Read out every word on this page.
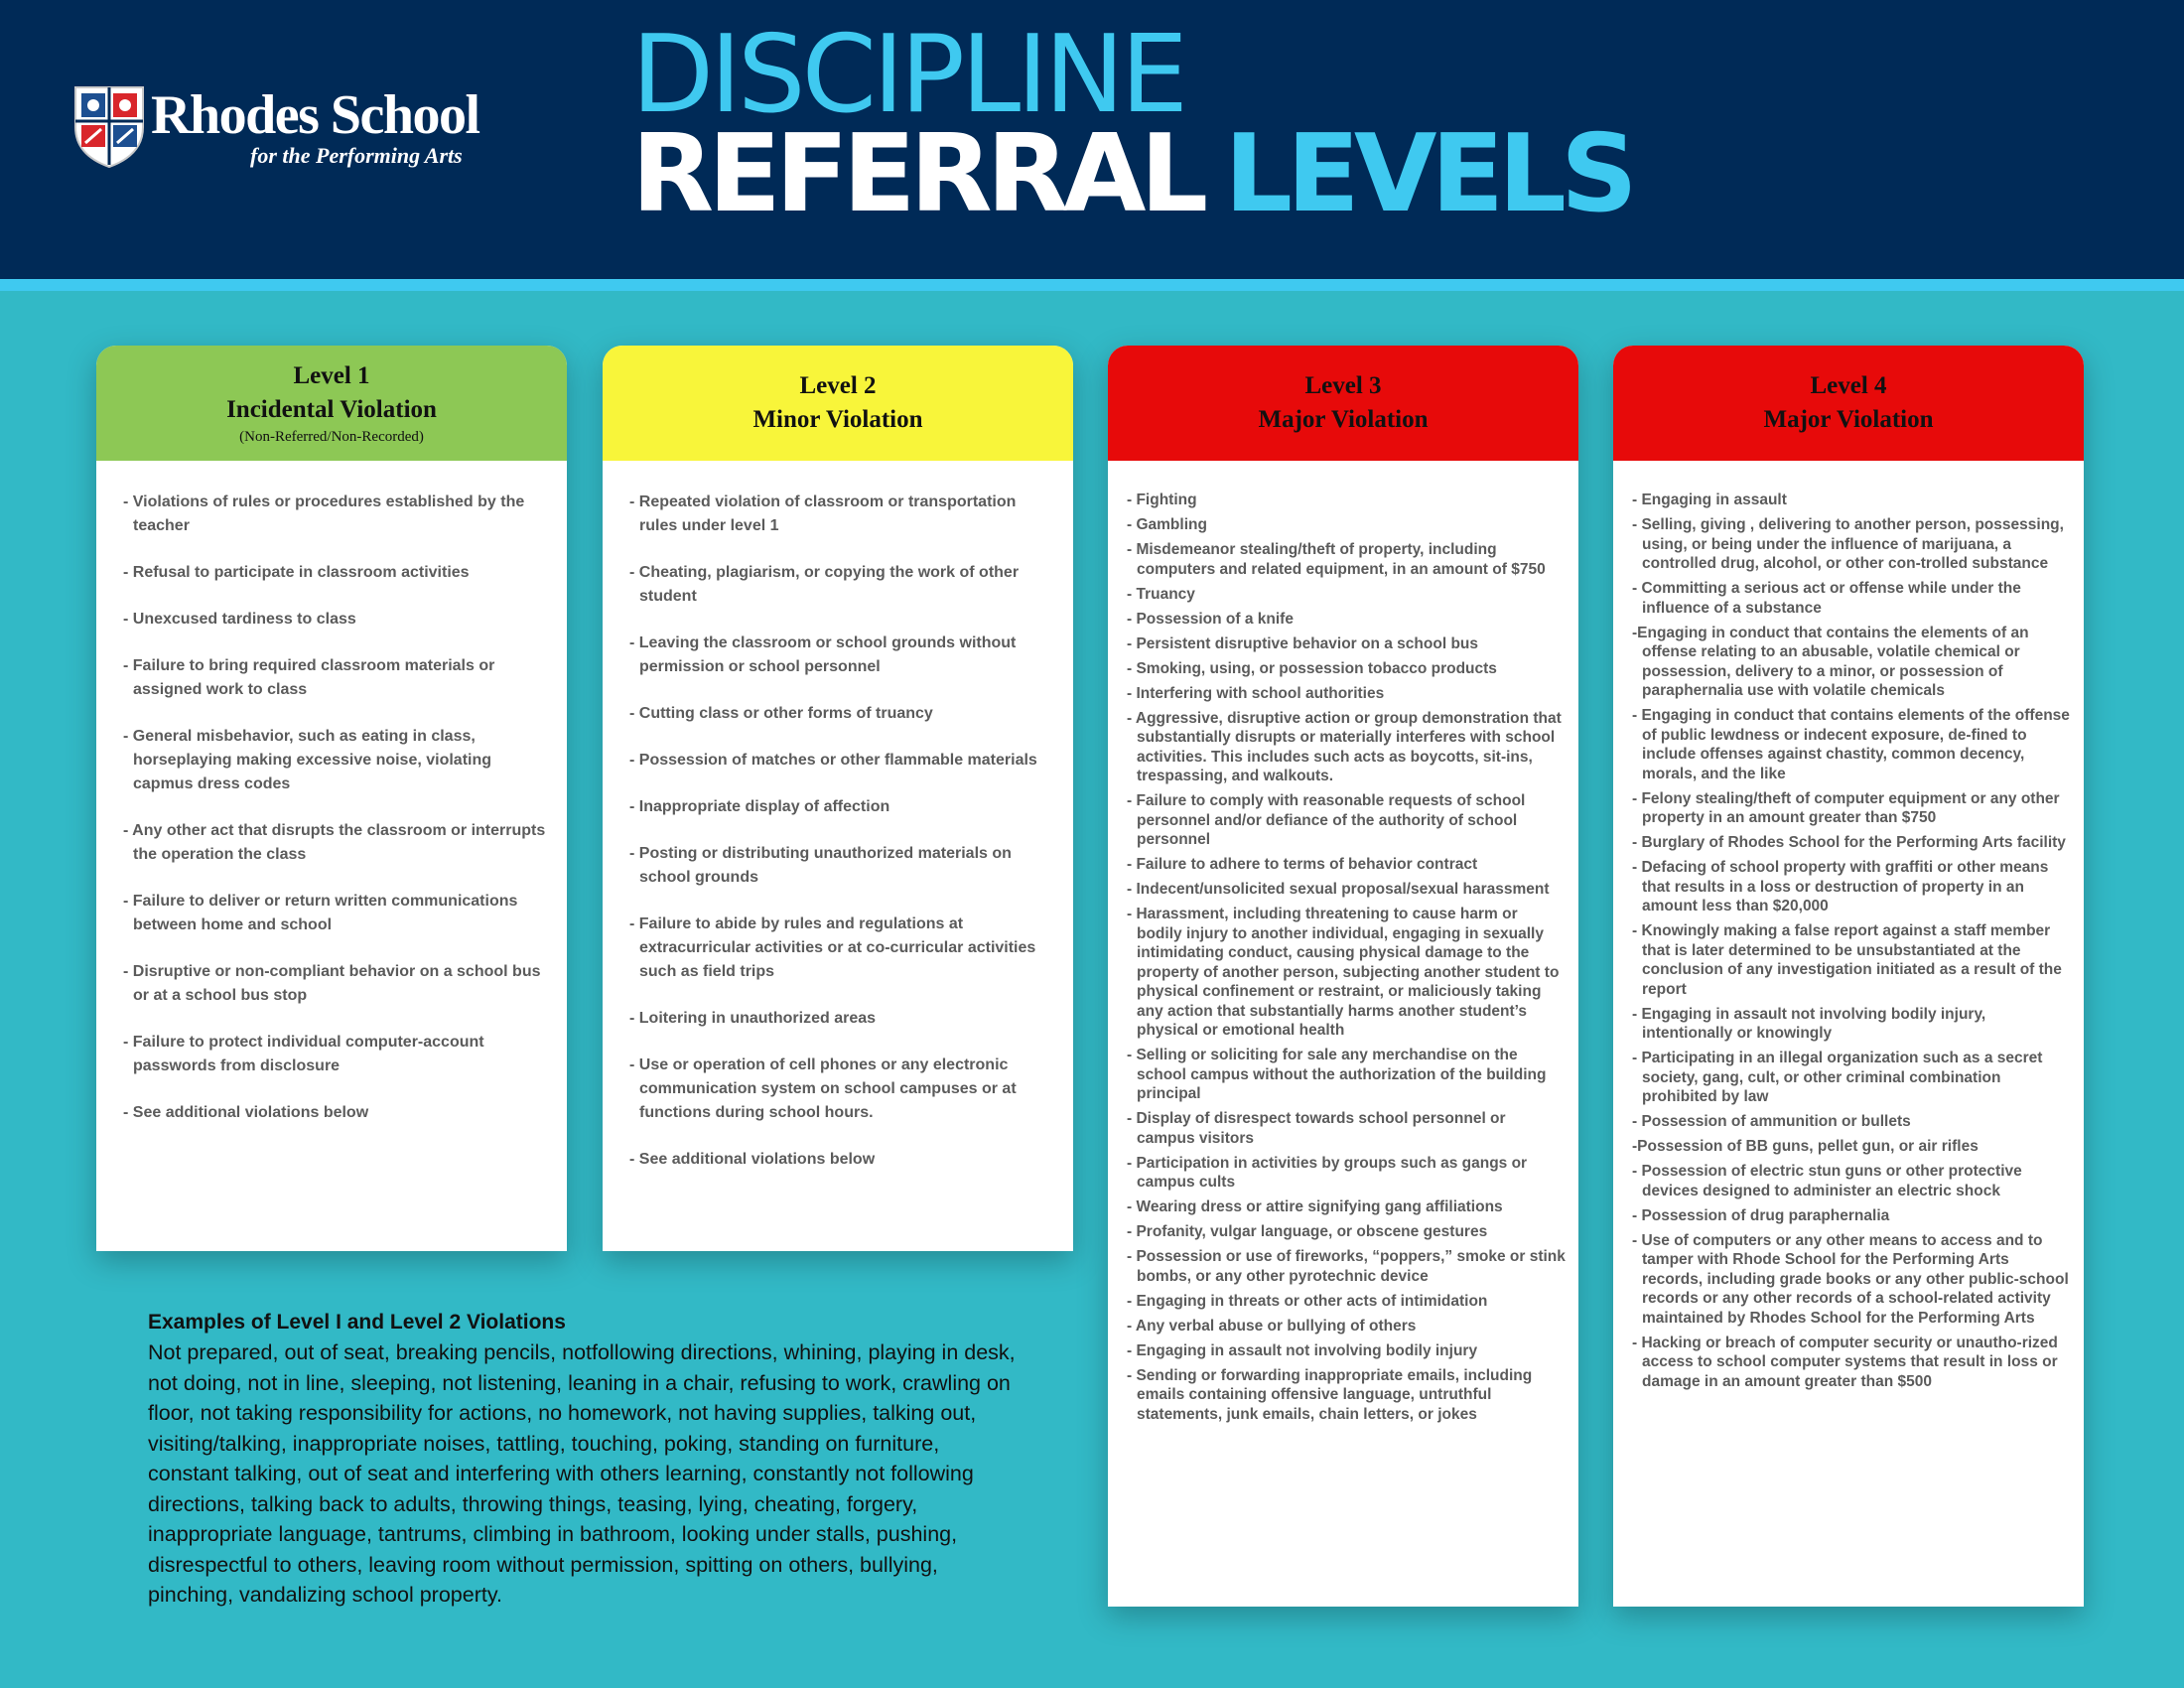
Rhodes School
for the Performing Arts
DISCIPLINE
REFERRAL LEVELS
Level 1
Incidental Violation
(Non-Referred/Non-Recorded)
- Violations of rules or procedures established by the teacher
- Refusal to participate in classroom activities
- Unexcused tardiness to class
- Failure to bring required classroom materials or assigned work to class
- General misbehavior, such as eating in class, horseplaying making excessive noise, violating capmus dress codes
- Any other act that disrupts the classroom or interrupts the operation the class
- Failure to deliver or return written communications between home and school
- Disruptive or non-compliant behavior on a school bus or at a school bus stop
- Failure to protect individual computer-account passwords from disclosure
- See additional violations below
Level 2
Minor Violation
- Repeated violation of classroom or transportation rules under level 1
- Cheating, plagiarism, or copying the work of other student
- Leaving the classroom or school grounds without permission or school personnel
- Cutting class or other forms of truancy
- Possession of matches or other flammable materials
- Inappropriate display of affection
- Posting or distributing unauthorized materials on school grounds
- Failure to abide by rules and regulations at extracurricular activities or at co-curricular activities such as field trips
- Loitering in unauthorized areas
- Use or operation of cell phones or any electronic communication system on school campuses or at functions during school hours.
- See additional violations below
Level 3
Major Violation
- Fighting
- Gambling
- Misdemeanor stealing/theft of property, including computers and related equipment, in an amount of $750
- Truancy
- Possession of a knife
- Persistent disruptive behavior on a school bus
- Smoking, using, or possession tobacco products
- Interfering with school authorities
- Aggressive, disruptive action or group demonstration that substantially disrupts or materially interferes with school activities. This includes such acts as boycotts, sit-ins, trespassing, and walkouts.
- Failure to comply with reasonable requests of school personnel and/or defiance of the authority of school personnel
- Failure to adhere to terms of behavior contract
- Indecent/unsolicited sexual proposal/sexual harassment
- Harassment, including threatening to cause harm or bodily injury to another individual, engaging in sexually intimidating conduct, causing physical damage to the property of another person, subjecting another student to physical confinement or restraint, or maliciously taking any action that substantially harms another student’s physical or emotional health
- Selling or soliciting for sale any merchandise on the school campus without the authorization of the building principal
- Display of disrespect towards school personnel or campus visitors
- Participation in activities by groups such as gangs or campus cults
- Wearing dress or attire signifying gang affiliations
- Profanity, vulgar language, or obscene gestures
- Possession or use of fireworks, “poppers,” smoke or stink bombs, or any other pyrotechnic device
- Engaging in threats or other acts of intimidation
- Any verbal abuse or bullying of others
- Engaging in assault not involving bodily injury
- Sending or forwarding inappropriate emails, including emails containing offensive language, untruthful statements, junk emails, chain letters, or jokes
Level 4
Major Violation
- Engaging in assault
- Selling, giving , delivering to another person, possessing, using, or being under the influence of marijuana, a controlled drug, alcohol, or other con-trolled substance
- Committing a serious act or offense while under the influence of a substance
-Engaging in conduct that contains the elements of an offense relating to an abusable, volatile chemical or possession, delivery to a minor, or possession of paraphernalia use with volatile chemicals
- Engaging in conduct that contains elements of the offense of public lewdness or indecent exposure, de-fined to include offenses against chastity, common decency, morals, and the like
- Felony stealing/theft of computer equipment or any other property in an amount greater than $750
- Burglary of Rhodes School for the Performing Arts facility
- Defacing of school property with graffiti or other means that results in a loss or destruction of property in an amount less than $20,000
- Knowingly making a false report against a staff member that is later determined to be unsubstantiated at the conclusion of any investigation initiated as a result of the report
- Engaging in assault not involving bodily injury, intentionally or knowingly
- Participating in an illegal organization such as a secret society, gang, cult, or other criminal combination prohibited by law
- Possession of ammunition or bullets
-Possession of BB guns, pellet gun, or air rifles
- Possession of electric stun guns or other protective devices designed to administer an electric shock
- Possession of drug paraphernalia
- Use of computers or any other means to access and to tamper with Rhode School for the Performing Arts records, including grade books or any other public-school records or any other records of a school-related activity maintained by Rhodes School for the Performing Arts
- Hacking or breach of computer security or unautho-rized access to school computer systems that result in loss or damage in an amount greater than $500
Examples of Level I and Level 2 Violations

Not prepared, out of seat, breaking pencils, notfollowing directions, whining, playing in desk, not doing, not in line, sleeping, not listening, leaning in a chair, refusing to work, crawling on floor, not taking responsibility for actions, no homework, not having supplies, talking out, visiting/talking, inappropriate noises, tattling, touching, poking, standing on furniture, constant talking, out of seat and interfering with others learning, constantly not following directions, talking back to adults, throwing things, teasing, lying, cheating, forgery, inappropriate language, tantrums, climbing in bathroom, looking under stalls, pushing, disrespectful to others, leaving room without permission, spitting on others, bullying, pinching, vandalizing school property.
